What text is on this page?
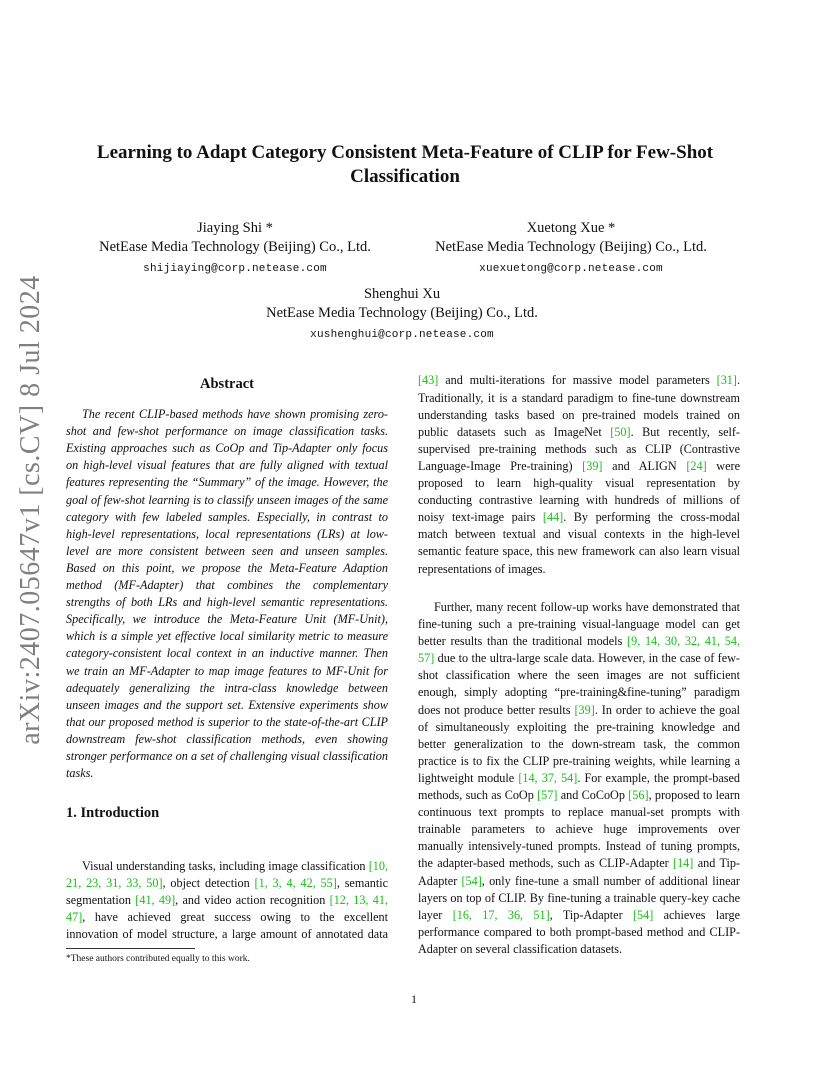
arXiv:2407.05647v1 [cs.CV] 8 Jul 2024
Learning to Adapt Category Consistent Meta-Feature of CLIP for Few-Shot
Classification
Jiaying Shi *
NetEase Media Technology (Beijing) Co., Ltd.
shijiaying@corp.netease.com
Xuetong Xue *
NetEase Media Technology (Beijing) Co., Ltd.
xuexuetong@corp.netease.com
Shenghui Xu
NetEase Media Technology (Beijing) Co., Ltd.
xushenghui@corp.netease.com
Abstract

The recent CLIP-based methods have shown promising zero-shot and few-shot performance on image classification tasks. Existing approaches such as CoOp and Tip-Adapter only focus on high-level visual features that are fully aligned with textual features representing the “Summary” of the image. However, the goal of few-shot learning is to classify unseen images of the same category with few labeled samples. Especially, in contrast to high-level representations, local representations (LRs) at low-level are more consistent between seen and unseen samples. Based on this point, we propose the Meta-Feature Adaption method (MF-Adapter) that combines the complementary strengths of both LRs and high-level semantic representations. Specifically, we introduce the Meta-Feature Unit (MF-Unit), which is a simple yet effective local similarity metric to measure category-consistent local context in an inductive manner. Then we train an MF-Adapter to map image features to MF-Unit for adequately generalizing the intra-class knowledge between unseen images and the support set. Extensive experiments show that our proposed method is superior to the state-of-the-art CLIP downstream few-shot classification methods, even showing stronger performance on a set of challenging visual classification tasks.

1. Introduction

Visual understanding tasks, including image classification [10, 21, 23, 31, 33, 50], object detection [1, 3, 4, 42, 55], semantic segmentation [41, 49], and video action recognition [12, 13, 41, 47], have achieved great success owing to the excellent innovation of model structure, a large amount of annotated data

[43] and multi-iterations for massive model parameters [31]. Traditionally, it is a standard paradigm to fine-tune downstream understanding tasks based on pre-trained models trained on public datasets such as ImageNet [50]. But recently, self-supervised pre-training methods such as CLIP (Contrastive Language-Image Pre-training) [39] and ALIGN [24] were proposed to learn high-quality visual representation by conducting contrastive learning with hundreds of millions of noisy text-image pairs [44]. By performing the cross-modal match between textual and visual contexts in the high-level semantic feature space, this new framework can also learn visual representations of images.

Further, many recent follow-up works have demonstrated that fine-tuning such a pre-training visual-language model can get better results than the traditional models [9, 14, 30, 32, 41, 54, 57] due to the ultra-large scale data. However, in the case of few-shot classification where the seen images are not sufficient enough, simply adopting “pre-training&fine-tuning” paradigm does not produce better results [39]. In order to achieve the goal of simultaneously exploiting the pre-training knowledge and better generalization to the down-stream task, the common practice is to fix the CLIP pre-training weights, while learning a lightweight module [14, 37, 54]. For example, the prompt-based methods, such as CoOp [57] and CoCoOp [56], proposed to learn continuous text prompts to replace manual-set prompts with trainable parameters to achieve huge improvements over manually intensively-tuned prompts. Instead of tuning prompts, the adapter-based methods, such as CLIP-Adapter [14] and Tip-Adapter [54], only fine-tune a small number of additional linear layers on top of CLIP. By fine-tuning a trainable query-key cache layer [16, 17, 36, 51], Tip-Adapter [54] achieves large performance compared to both prompt-based method and CLIP-Adapter on several classification datasets.

*These authors contributed equally to this work.
1
